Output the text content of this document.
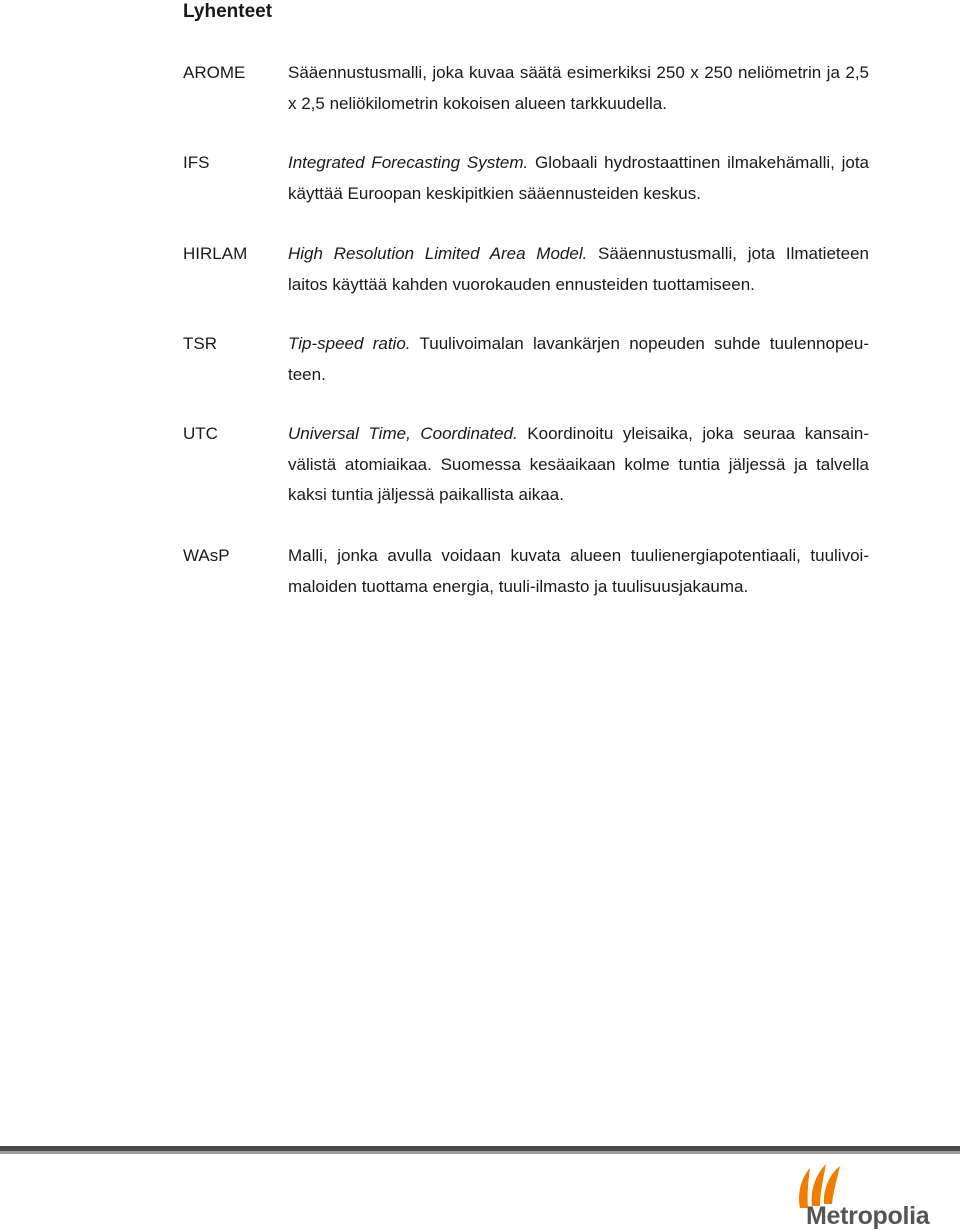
Lyhenteet
AROME	Sääennustusmalli, joka kuvaa säätä esimerkiksi 250 x 250 neliömetrin ja 2,5 x 2,5 neliökilometrin kokoisen alueen tarkkuudella.
IFS	Integrated Forecasting System. Globaali hydrostaattinen ilmakehämalli, jota käyttää Euroopan keskipitkien sääennusteiden keskus.
HIRLAM High Resolution Limited Area Model. Sääennustusmalli, jota Ilmatieteen laitos käyttää kahden vuorokauden ennusteiden tuottamiseen.
TSR	Tip-speed ratio. Tuulivoimalan lavankärjen nopeuden suhde tuulennopeuteen.
UTC	Universal Time, Coordinated. Koordinoitu yleisaika, joka seuraa kansainvälistä atomiaikaa. Suomessa kesäaikaan kolme tuntia jäljessä ja talvella kaksi tuntia jäljessä paikallista aikaa.
WAsP	Malli, jonka avulla voidaan kuvata alueen tuulienergiapotentiaali, tuulivoimaloiden tuottama energia, tuuli-ilmasto ja tuulisuusjakauma.
Metropolia
